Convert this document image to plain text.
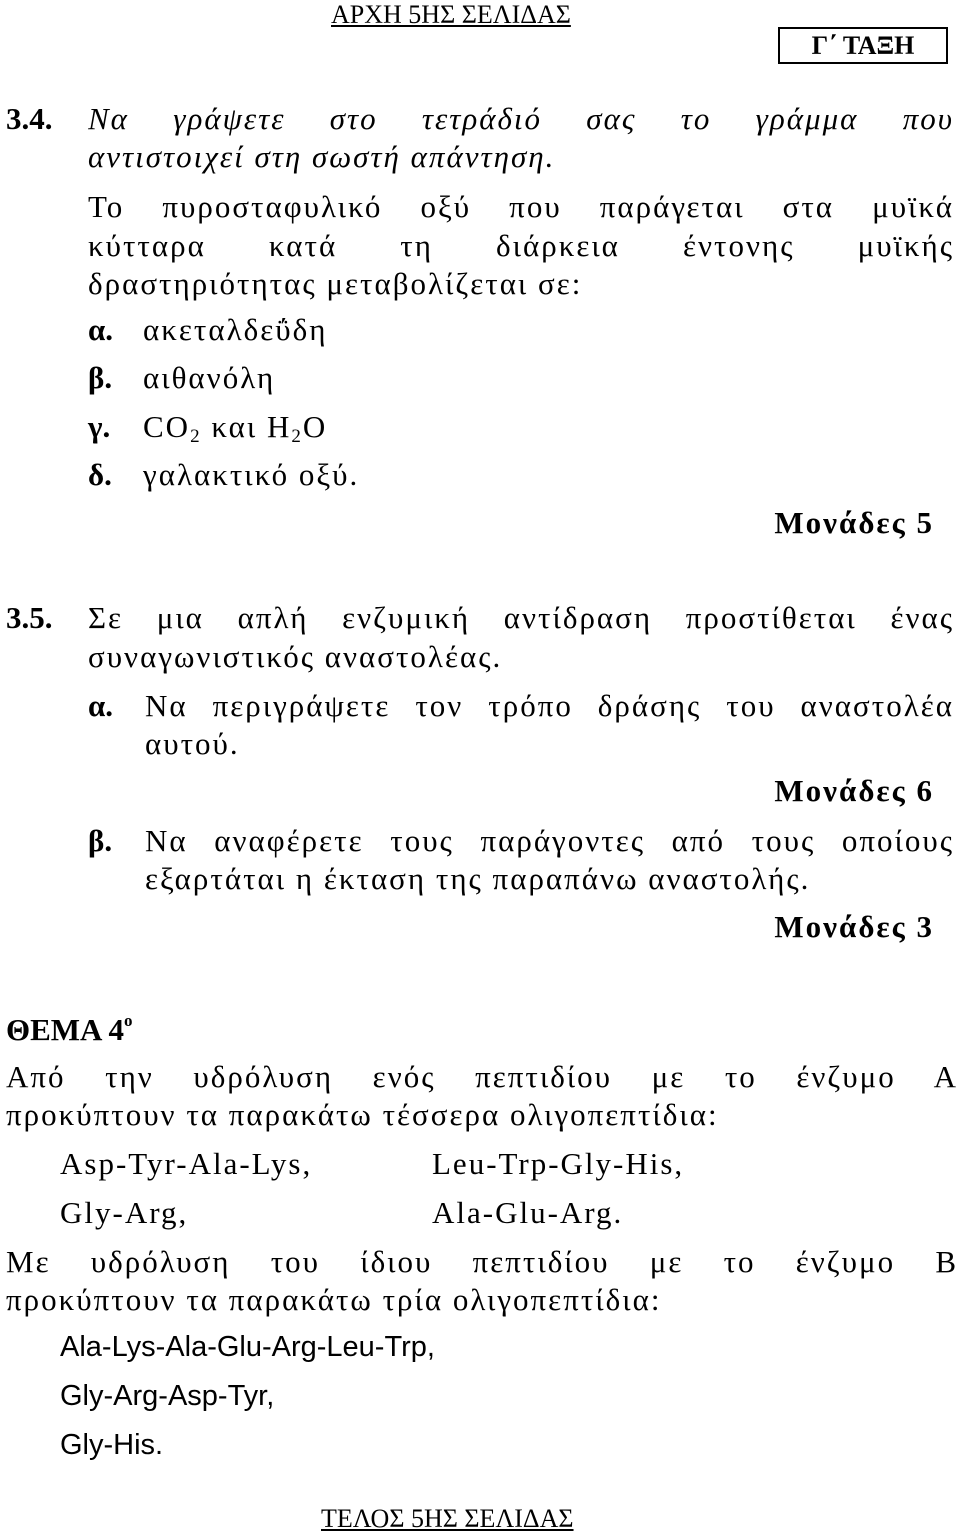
ΑΡΧΗ 5ΗΣ ΣΕΛΙΔΑΣ
Γ΄ ΤΑΞΗ
3.4. Να γράψετε στο τετράδιό σας το γράμμα που
αντιστοιχεί στη σωστή απάντηση.
Το πυροσταφυλικό οξύ που παράγεται στα μυϊκά
κύτταρα κατά τη διάρκεια έντονης μυϊκής
δραστηριότητας μεταβολίζεται σε:
α. ακεταλδεΰδη
β. αιθανόλη
γ. $CO_2$ και $H_2O$
δ. γαλακτικό οξύ.
Μονάδες 5
3.5. Σε μια απλή ενζυμική αντίδραση προστίθεται ένας
συναγωνιστικός αναστολέας.
α. Να περιγράψετε τον τρόπο δράσης του αναστολέα
αυτού.
Μονάδες 6
β. Να αναφέρετε τους παράγοντες από τους οποίους
εξαρτάται η έκταση της παραπάνω αναστολής.
Μονάδες 3
ΘΕΜΑ $4^o$
Από την υδρόλυση ενός πεπτιδίου με το ένζυμο Α
προκύπτουν τα παρακάτω τέσσερα ολιγοπεπτίδια:
Asp-Tyr-Ala-Lys,	Leu-Trp-Gly-His,
Gly-Arg,	Ala-Glu-Arg.
Με υδρόλυση του ίδιου πεπτιδίου με το ένζυμο Β
προκύπτουν τα παρακάτω τρία ολιγοπεπτίδια:
Ala-Lys-Ala-Glu-Arg-Leu-Trp,
Gly-Arg-Asp-Tyr,
Gly-His.
ΤΕΛΟΣ 5ΗΣ ΣΕΛΙΔΑΣ
